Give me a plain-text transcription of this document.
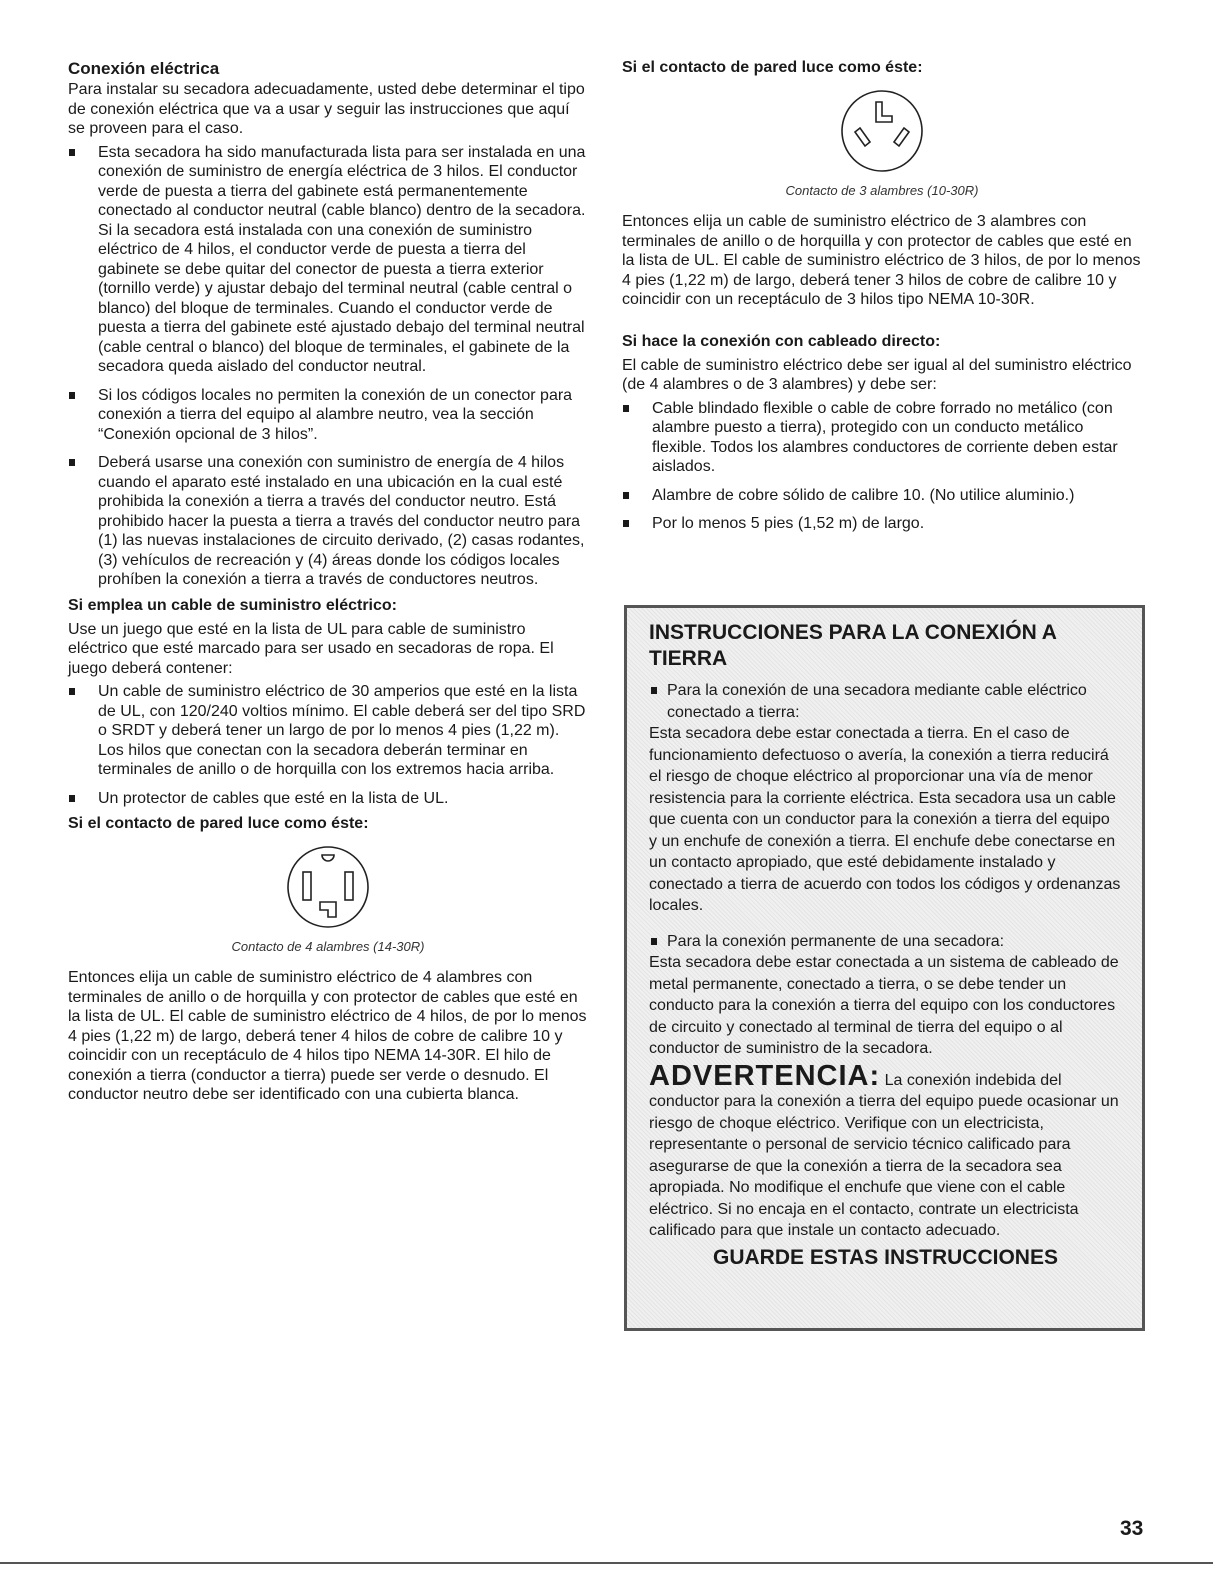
Conexión eléctrica

Para instalar su secadora adecuadamente, usted debe determinar el tipo de conexión eléctrica que va a usar y seguir las instrucciones que aquí se proveen para el caso.

Esta secadora ha sido manufacturada lista para ser instalada en una conexión de suministro de energía eléctrica de 3 hilos. El conductor verde de puesta a tierra del gabinete está permanentemente conectado al conductor neutral (cable blanco) dentro de la secadora. Si la secadora está instalada con una conexión de suministro eléctrico de 4 hilos, el conductor verde de puesta a tierra del gabinete se debe quitar del conector de puesta a tierra exterior (tornillo verde) y ajustar debajo del terminal neutral (cable central o blanco) del bloque de terminales. Cuando el conductor verde de puesta a tierra del gabinete esté ajustado debajo del terminal neutral (cable central o blanco) del bloque de terminales, el gabinete de la secadora queda aislado del conductor neutral.
Si los códigos locales no permiten la conexión de un conector para conexión a tierra del equipo al alambre neutro, vea la sección “Conexión opcional de 3 hilos”.
Deberá usarse una conexión con suministro de energía de 4 hilos cuando el aparato esté instalado en una ubicación en la cual esté prohibida la conexión a tierra a través del conductor neutro. Está prohibido hacer la puesta a tierra a través del conductor neutro para (1) las nuevas instalaciones de circuito derivado, (2) casas rodantes, (3) vehículos de recreación y (4) áreas donde los códigos locales prohíben la conexión a tierra a través de conductores neutros.
Si emplea un cable de suministro eléctrico:

Use un juego que esté en la lista de UL para cable de suministro eléctrico que esté marcado para ser usado en secadoras de ropa. El juego deberá contener:

Un cable de suministro eléctrico de 30 amperios que esté en la lista de UL, con 120/240 voltios mínimo. El cable deberá ser del tipo SRD o SRDT y deberá tener un largo de por lo menos 4 pies (1,22 m). Los hilos que conectan con la secadora deberán terminar en terminales de anillo o de horquilla con los extremos hacia arriba.
Un protector de cables que esté en la lista de UL.
Si el contacto de pared luce como éste:
Contacto de 4 alambres (14-30R)

Entonces elija un cable de suministro eléctrico de 4 alambres con terminales de anillo o de horquilla y con protector de cables que esté en la lista de UL. El cable de suministro eléctrico de 4 hilos, de por lo menos 4 pies (1,22 m) de largo, deberá tener 4 hilos de cobre de calibre 10 y coincidir con un receptáculo de 4 hilos tipo NEMA 14-30R. El hilo de conexión a tierra (conductor a tierra) puede ser verde o desnudo. El conductor neutro debe ser identificado con una cubierta blanca.

Si el contacto de pared luce como éste:
Contacto de 3 alambres (10-30R)

Entonces elija un cable de suministro eléctrico de 3 alambres con terminales de anillo o de horquilla y con protector de cables que esté en la lista de UL. El cable de suministro eléctrico de 3 hilos, de por lo menos 4 pies (1,22 m) de largo, deberá tener 3 hilos de cobre de calibre 10 y coincidir con un receptáculo de 3 hilos tipo NEMA 10-30R.

Si hace la conexión con cableado directo:

El cable de suministro eléctrico debe ser igual al del suministro eléctrico (de 4 alambres o de 3 alambres) y debe ser:

Cable blindado flexible o cable de cobre forrado no metálico (con alambre puesto a tierra), protegido con un conducto metálico flexible. Todos los alambres conductores de corriente deben estar aislados.
Alambre de cobre sólido de calibre 10. (No utilice aluminio.)
Por lo menos 5 pies (1,52 m) de largo.
INSTRUCCIONES PARA LA CONEXIÓN A TIERRA
Para la conexión de una secadora mediante cable eléctrico conectado a tierra:

Esta secadora debe estar conectada a tierra. En el caso de funcionamiento defectuoso o avería, la conexión a tierra reducirá el riesgo de choque eléctrico al proporcionar una vía de menor resistencia para la corriente eléctrica. Esta secadora usa un cable que cuenta con un conductor para la conexión a tierra del equipo y un enchufe de conexión a tierra. El enchufe debe conectarse en un contacto apropiado, que esté debidamente instalado y conectado a tierra de acuerdo con todos los códigos y ordenanzas locales.

Para la conexión permanente de una secadora:

Esta secadora debe estar conectada a un sistema de cableado de metal permanente, conectado a tierra, o se debe tender un conducto para la conexión a tierra del equipo con los conductores de circuito y conectado al terminal de tierra del equipo o al conductor de suministro de la secadora.

ADVERTENCIA: La conexión indebida del conductor para la conexión a tierra del equipo puede ocasionar un riesgo de choque eléctrico. Verifique con un electricista, representante o personal de servicio técnico calificado para asegurarse de que la conexión a tierra de la secadora sea apropiada. No modifique el enchufe que viene con el cable eléctrico. Si no encaja en el contacto, contrate un electricista calificado para que instale un contacto adecuado.

GUARDE ESTAS INSTRUCCIONES
33
